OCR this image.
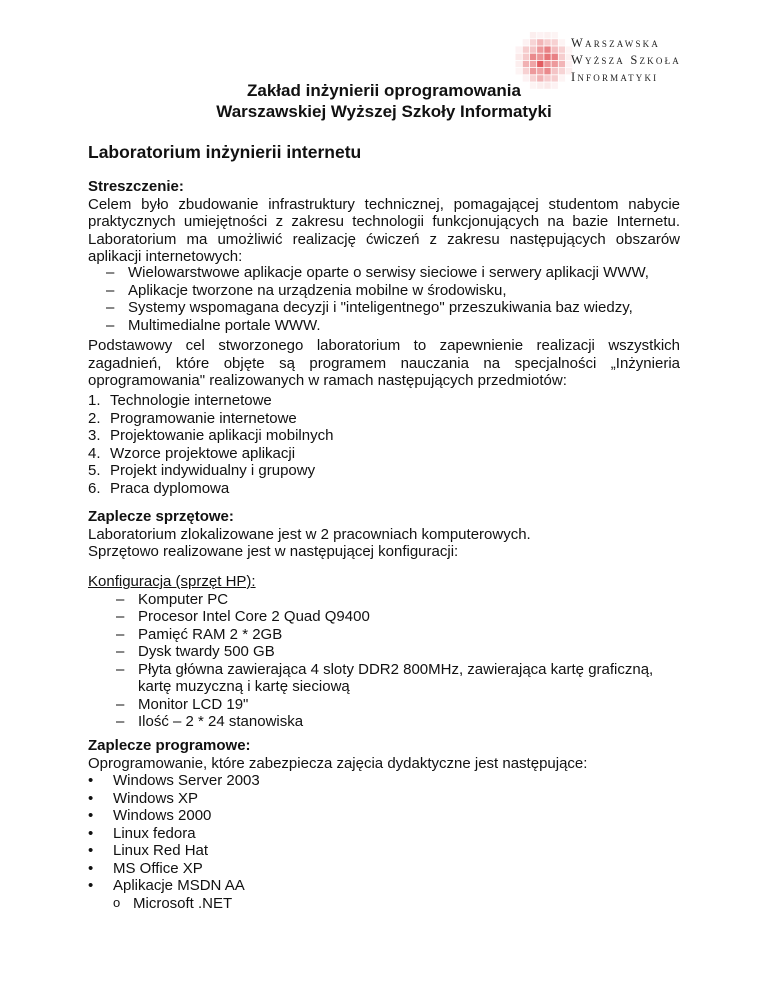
Warszawska
Wyższa Szkoła
Informatyki
Zakład inżynierii oprogramowania
Warszawskiej Wyższej Szkoły Informatyki
Laboratorium inżynierii internetu
Streszczenie:
Celem było zbudowanie infrastruktury technicznej, pomagającej studentom nabycie praktycznych umiejętności z zakresu technologii funkcjonujących na bazie Internetu. Laboratorium ma umożliwić realizację ćwiczeń z zakresu następujących obszarów aplikacji internetowych:
– Wielowarstwowe aplikacje oparte o serwisy sieciowe i serwery aplikacji WWW,
– Aplikacje tworzone na urządzenia mobilne w środowisku,
– Systemy wspomagana decyzji i "inteligentnego" przeszukiwania baz wiedzy,
– Multimedialne portale WWW.
Podstawowy cel stworzonego laboratorium to zapewnienie realizacji wszystkich zagadnień, które objęte są programem nauczania na specjalności „Inżynieria oprogramowania" realizowanych w ramach następujących przedmiotów:
1. Technologie internetowe
2. Programowanie internetowe
3. Projektowanie aplikacji mobilnych
4. Wzorce projektowe aplikacji
5. Projekt indywidualny i grupowy
6. Praca dyplomowa
Zaplecze sprzętowe:
Laboratorium zlokalizowane jest w 2 pracowniach komputerowych.
Sprzętowo realizowane jest w następującej konfiguracji:
Konfiguracja (sprzęt HP):
– Komputer PC
– Procesor Intel Core 2 Quad Q9400
– Pamięć RAM 2 * 2GB
– Dysk twardy 500 GB
– Płyta główna zawierająca 4 sloty DDR2 800MHz, zawierająca kartę graficzną, kartę muzyczną i kartę sieciową
– Monitor LCD 19"
– Ilość – 2 * 24 stanowiska
Zaplecze programowe:
Oprogramowanie, które zabezpiecza zajęcia dydaktyczne jest następujące:
• Windows Server 2003
• Windows XP
• Windows 2000
• Linux fedora
• Linux Red Hat
• MS Office XP
• Aplikacje MSDN AA
o Microsoft .NET
